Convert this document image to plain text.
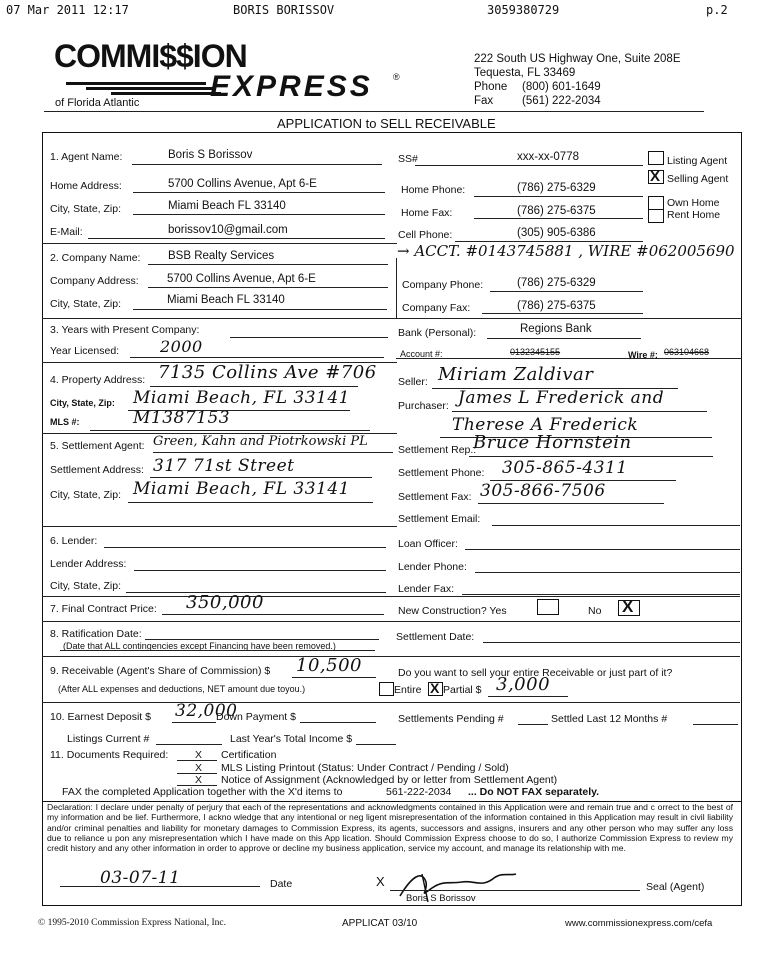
07 Mar 2011 12:17	BORIS BORISSOV	3059380729	p.2
COMMI$$ION
EXPRESS ®
of Florida Atlantic
222 South US Highway One, Suite 208E
Tequesta, FL 33469
Phone (800) 601-1649
Fax	(561) 222-2034
APPLICATION to SELL RECEIVABLE
1. Agent Name:	Boris S Borissov	SS#	xxx-xx-0778	Listing Agent
X Selling Agent
Own Home
Rent Home
Home Address:	5700 Collins Avenue, Apt 6-E	Home Phone:	(786) 275-6329
City, State, Zip:	Miami Beach FL 33140
Home Fax:	(786) 275-6375
E-Mail:	borissov10@gmail.com	Cell Phone:	(305) 905-6386
2. Company Name: BSB Realty Services	→ ACCT. #0143745881 , WIRE #062005690
Company Address: 5700 Collins Avenue, Apt 6-E	Company Phone:	(786) 275-6329
City, State, Zip:	Miami Beach FL 33140
Company Fax:	(786) 275-6375
3. Years with Present Company:	Bank (Personal):	Regions Bank
Year Licensed:	2000	Account #:	0132345155	Wire #: 063104668
4. Property Address: 7135 Collins Ave #706 Seller: Miriam Zaldivar
City, State, Zip: Miami Beach, FL 33141	Purchaser: James L Frederick and
MLS #:	M1387153	Therese A Frederick
5. Settlement Agent: Green, Kahn and Piotrkowski PL
Settlement Rep.:
Bruce Hornstein
Settlement Address: 317 71st Street	Settlement Phone: 305-865-4311
City, State, Zip: Miami Beach, FL 33141	Settlement Fax: 305-866-7506
Settlement Email:
6. Lender:	Loan Officer:
Lender Address:	Lender Phone:
City, State, Zip:	Lender Fax:
7. Final Contract Price: 350,000	New Construction? Yes	No X
8. Ratification Date:
(Date that ALL contingencies except Financing have been removed.)
Settlement Date:
9. Receivable (Agent's Share of Commission) $ 10,500
(After ALL expenses and deductions, NET amount due toyou.)
Do you want to sell your entire Receivable or just part of it?
Entire X Partial $ 3,000
10. Earnest Deposit $ 32,000
Down Payment $	Settlements Pending #	Settled Last 12 Months #
Listings Current #	Last Year's Total Income $
11. Documents Required:	X Certification
X MLS Listing Printout (Status: Under Contract / Pending / Sold)
X Notice of Assignment (Acknowledged by or letter from Settlement Agent)
FAX the completed Application together with the X'd items to	561-222-2034 ... Do NOT FAX separately.
Declaration: I declare under penalty of perjury that each of the representations and acknowledgments contained in this Application were and remain true and c orrect to the best of my information and be lief. Furthermore, I ackno wledge that any intentional or neg ligent misrepresentation of the information contained in this Application may result in civil liability and/or criminal penalties and liability for monetary damages to Commission Express, its agents, successors and assigns, insurers and any other person who may suffer any loss due to reliance u pon any misrepresentation which I have made on this App lication. Should Commission Express choose to do so, I authorize Commission Express to review my credit history and any other information in order to approve or decline my business application, service my account, and manage its relationship with me.
03-07-11	Date	X
Boris S Borissov
Seal (Agent)
© 1995-2010 Commission Express National, Inc.	APPLICAT 03/10	www.commissionexpress.com/cefa
